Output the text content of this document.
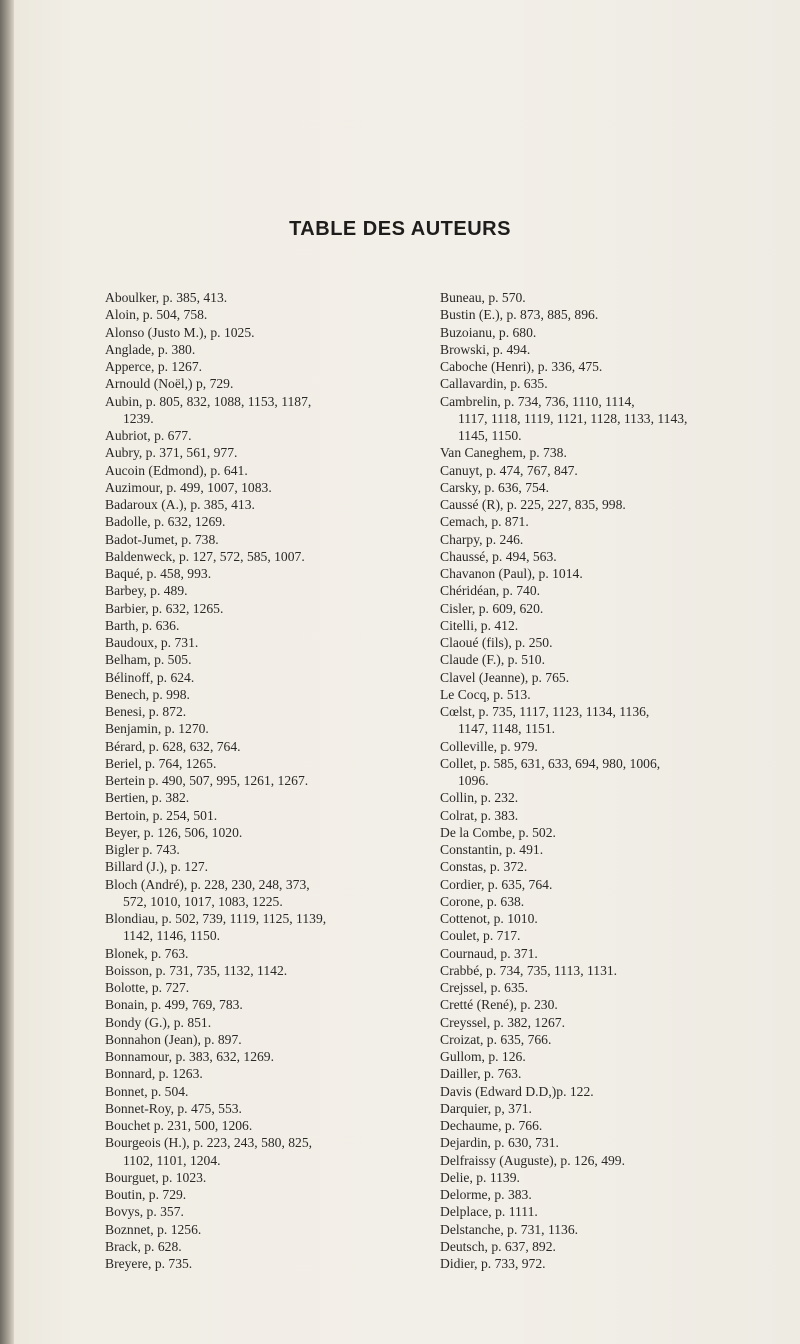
TABLE DES AUTEURS

Aboulker, p. 385, 413.

Aloin, p. 504, 758.

Alonso (Justo M.), p. 1025.

Anglade, p. 380.

Apperce, p. 1267.

Arnould (Noël,) p, 729.

Aubin, p. 805, 832, 1088, 1153, 1187,

1239.

Aubriot, p. 677.

Aubry, p. 371, 561, 977.

Aucoin (Edmond), p. 641.

Auzimour, p. 499, 1007, 1083.

Badaroux (A.), p. 385, 413.

Badolle, p. 632, 1269.

Badot-Jumet, p. 738.

Baldenweck, p. 127, 572, 585, 1007.

Baqué, p. 458, 993.

Barbey, p. 489.

Barbier, p. 632, 1265.

Barth, p. 636.

Baudoux, p. 731.

Belham, p. 505.

Bélinoff, p. 624.

Benech, p. 998.

Benesi, p. 872.

Benjamin, p. 1270.

Bérard, p. 628, 632, 764.

Beriel, p. 764, 1265.

Bertein p. 490, 507, 995, 1261, 1267.

Bertien, p. 382.

Bertoin, p. 254, 501.

Beyer, p. 126, 506, 1020.

Bigler p. 743.

Billard (J.), p. 127.

Bloch (André), p. 228, 230, 248, 373,

572, 1010, 1017, 1083, 1225.

Blondiau, p. 502, 739, 1119, 1125, 1139,

1142, 1146, 1150.

Blonek, p. 763.

Boisson, p. 731, 735, 1132, 1142.

Bolotte, p. 727.

Bonain, p. 499, 769, 783.

Bondy (G.), p. 851.

Bonnahon (Jean), p. 897.

Bonnamour, p. 383, 632, 1269.

Bonnard, p. 1263.

Bonnet, p. 504.

Bonnet-Roy, p. 475, 553.

Bouchet p. 231, 500, 1206.

Bourgeois (H.), p. 223, 243, 580, 825,

1102, 1101, 1204.

Bourguet, p. 1023.

Boutin, p. 729.

Bovys, p. 357.

Boznnet, p. 1256.

Brack, p. 628.

Breyere, p. 735.

Buneau, p. 570.

Bustin (E.), p. 873, 885, 896.

Buzoianu, p. 680.

Browski, p. 494.

Caboche (Henri), p. 336, 475.

Callavardin, p. 635.

Cambrelin, p. 734, 736, 1110, 1114,

1117, 1118, 1119, 1121, 1128, 1133, 1143,

1145, 1150.

Van Caneghem, p. 738.

Canuyt, p. 474, 767, 847.

Carsky, p. 636, 754.

Caussé (R), p. 225, 227, 835, 998.

Cemach, p. 871.

Charpy, p. 246.

Chaussé, p. 494, 563.

Chavanon (Paul), p. 1014.

Chéridéan, p. 740.

Cisler, p. 609, 620.

Citelli, p. 412.

Claoué (fils), p. 250.

Claude (F.), p. 510.

Clavel (Jeanne), p. 765.

Le Cocq, p. 513.

Cœlst, p. 735, 1117, 1123, 1134, 1136,

1147, 1148, 1151.

Colleville, p. 979.

Collet, p. 585, 631, 633, 694, 980, 1006,

1096.

Collin, p. 232.

Colrat, p. 383.

De la Combe, p. 502.

Constantin, p. 491.

Constas, p. 372.

Cordier, p. 635, 764.

Corone, p. 638.

Cottenot, p. 1010.

Coulet, p. 717.

Cournaud, p. 371.

Crabbé, p. 734, 735, 1113, 1131.

Crejssel, p. 635.

Cretté (René), p. 230.

Creyssel, p. 382, 1267.

Croizat, p. 635, 766.

Gullom, p. 126.

Dailler, p. 763.

Davis (Edward D.D,)p. 122.

Darquier, p, 371.

Dechaume, p. 766.

Dejardin, p. 630, 731.

Delfraissy (Auguste), p. 126, 499.

Delie, p. 1139.

Delorme, p. 383.

Delplace, p. 1111.

Delstanche, p. 731, 1136.

Deutsch, p. 637, 892.

Didier, p. 733, 972.
